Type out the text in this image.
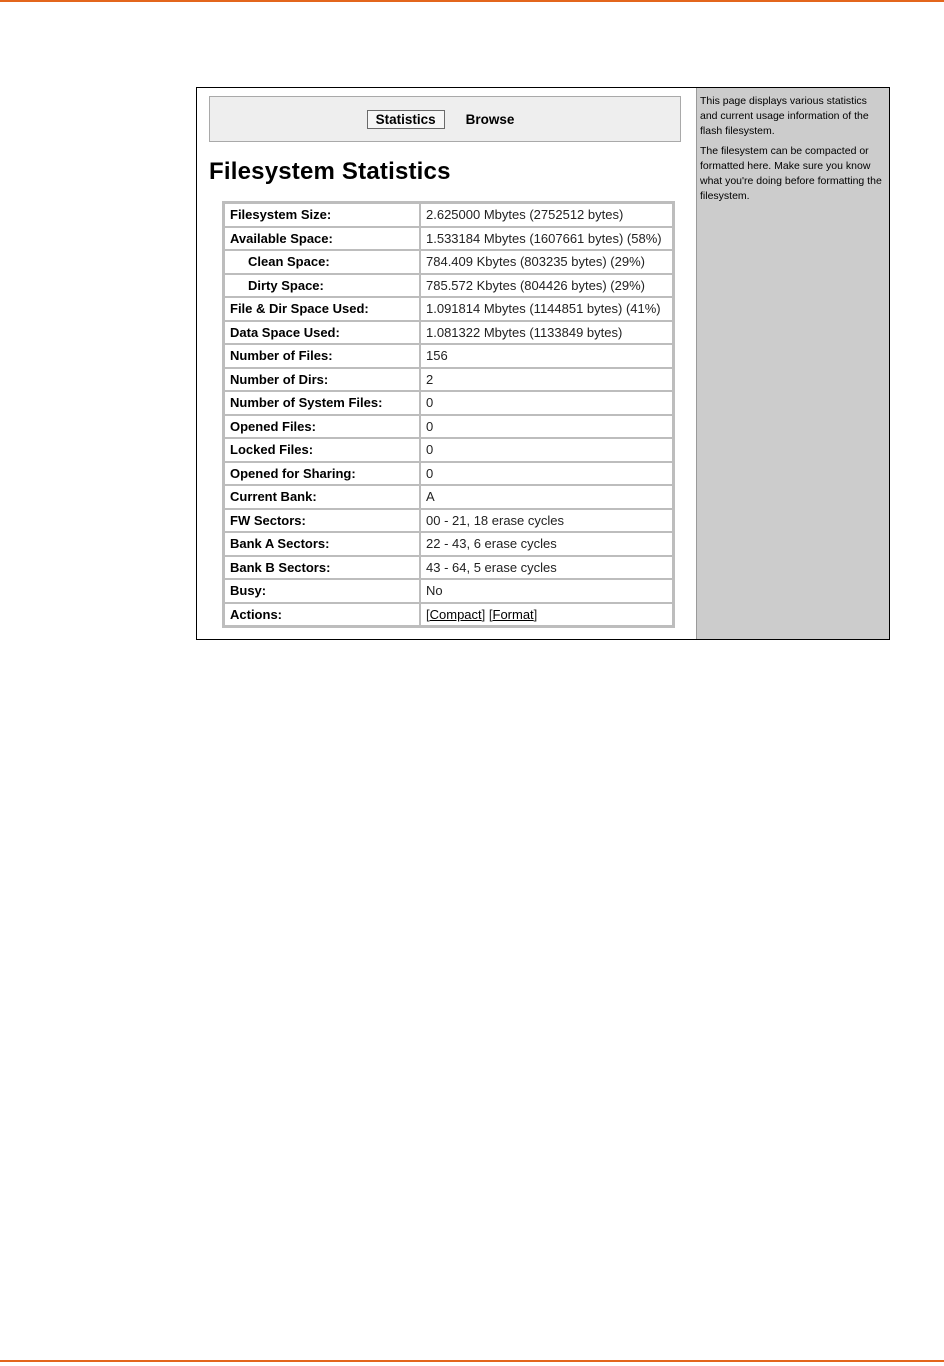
Statistics	Browse
Filesystem Statistics
Filesystem Size:	2.625000 Mbytes (2752512 bytes)
Available Space:	1.533184 Mbytes (1607661 bytes) (58%)
Clean Space:	784.409 Kbytes (803235 bytes) (29%)
Dirty Space:	785.572 Kbytes (804426 bytes) (29%)
File & Dir Space Used:	1.091814 Mbytes (1144851 bytes) (41%)
Data Space Used:	1.081322 Mbytes (1133849 bytes)
Number of Files:	156
Number of Dirs:	2
Number of System Files:	0
Opened Files:	0
Locked Files:	0
Opened for Sharing:	0
Current Bank:	A
FW Sectors:	00 - 21, 18 erase cycles
Bank A Sectors:	22 - 43, 6 erase cycles
Bank B Sectors:	43 - 64, 5 erase cycles
Busy:	No
Actions:	[Compact] [Format]

This page displays various statistics and current usage information of the flash filesystem.

The filesystem can be compacted or formatted here. Make sure you know what you're doing before formatting the filesystem.
